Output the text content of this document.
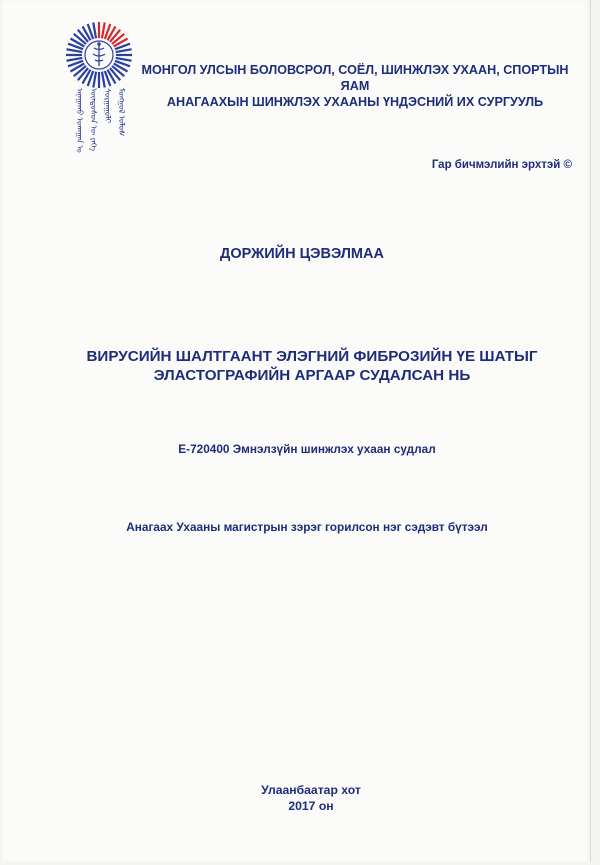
ᠠᠨᠠᠭᠠᠬᠤ ᠤᠬᠠᠭᠠᠨ ᠤ ᠦᠨᠳᠦᠰᠦᠨ ᠦ ᠶᠡᠬᠡ ᠰᠤᠷᠭᠠᠭᠤᠯᠢ ᠮᠣᠩᠭᠣᠯ ᠤᠯᠤᠰ
МОНГОЛ УЛСЫН БОЛОВСРОЛ, СОЁЛ, ШИНЖЛЭХ УХААН, СПОРТЫН ЯАМ
АНАГААХЫН ШИНЖЛЭХ УХААНЫ ҮНДЭСНИЙ ИХ СУРГУУЛЬ
Гар бичмэлийн эрхтэй ©
ДОРЖИЙН ЦЭВЭЛМАА
ВИРУСИЙН ШАЛТГААНТ ЭЛЭГНИЙ ФИБРОЗИЙН ҮЕ ШАТЫГ
ЭЛАСТОГРАФИЙН АРГААР СУДАЛСАН НЬ
Е-720400 Эмнэлзүйн шинжлэх ухаан судлал
Анагаах Ухааны магистрын зэрэг горилсон нэг сэдэвт бүтээл
Улаанбаатар хот
2017 он
